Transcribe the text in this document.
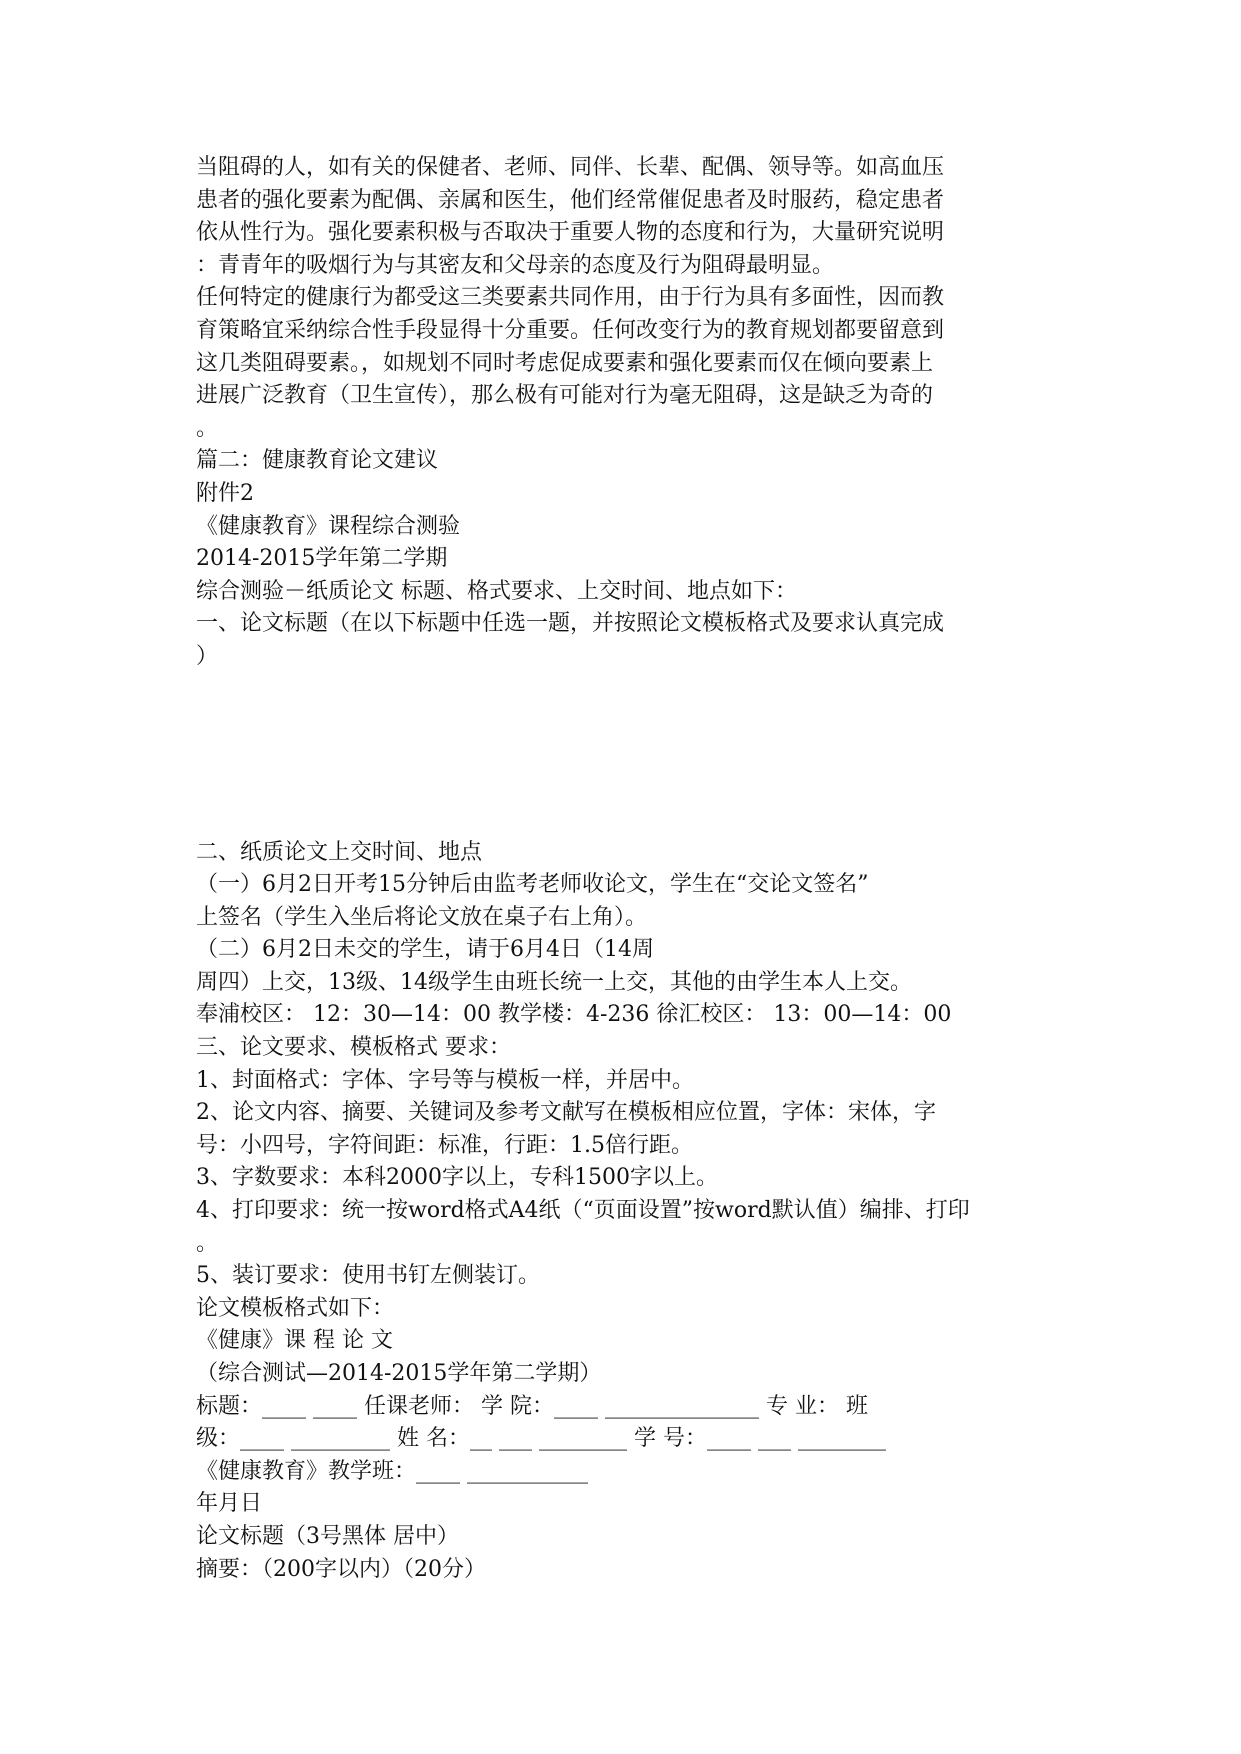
当阻碍的人，如有关的保健者、老师、同伴、长辈、配偶、领导等。如高血压
患者的强化要素为配偶、亲属和医生，他们经常催促患者及时服药，稳定患者
依从性行为。强化要素积极与否取决于重要人物的态度和行为，大量研究说明
：青青年的吸烟行为与其密友和父母亲的态度及行为阻碍最明显。
任何特定的健康行为都受这三类要素共同作用，由于行为具有多面性，因而教
育策略宜采纳综合性手段显得十分重要。任何改变行为的教育规划都要留意到
这几类阻碍要素。，如规划不同时考虑促成要素和强化要素而仅在倾向要素上
进展广泛教育（卫生宣传），那么极有可能对行为毫无阻碍，这是缺乏为奇的
。
篇二：健康教育论文建议
附件2
《健康教育》课程综合测验
2014-2015学年第二学期
综合测验－纸质论文 标题、格式要求、上交时间、地点如下：
一、论文标题（在以下标题中任选一题，并按照论文模板格式及要求认真完成
）
二、纸质论文上交时间、地点
（一）6月2日开考15分钟后由监考老师收论文，学生在“交论文签名”
上签名（学生入坐后将论文放在桌子右上角）。
（二）6月2日未交的学生，请于6月4日（14周
周四）上交，13级、14级学生由班长统一上交，其他的由学生本人上交。
奉浦校区： 12：30—14：00 教学楼：4-236 徐汇校区： 13：00—14：00
三、论文要求、模板格式 要求：
1、封面格式：字体、字号等与模板一样，并居中。
2、论文内容、摘要、关键词及参考文献写在模板相应位置，字体：宋体，字
号：小四号，字符间距：标准，行距：1.5倍行距。
3、字数要求：本科2000字以上，专科1500字以上。
4、打印要求：统一按word格式A4纸（“页面设置”按word默认值）编排、打印
。
5、装订要求：使用书钉左侧装订。
论文模板格式如下：
《健康》课 程 论 文
（综合测试—2014-2015学年第二学期）
标题：____ ____ 任课老师： 学 院：____ ______________ 专 业： 班
级：____ _________ 姓 名：__ ___ ________ 学 号：____ ___ ________
《健康教育》教学班：____ ___________
年月日
论文标题（3号黑体 居中）
摘要：（200字以内）（20分）
